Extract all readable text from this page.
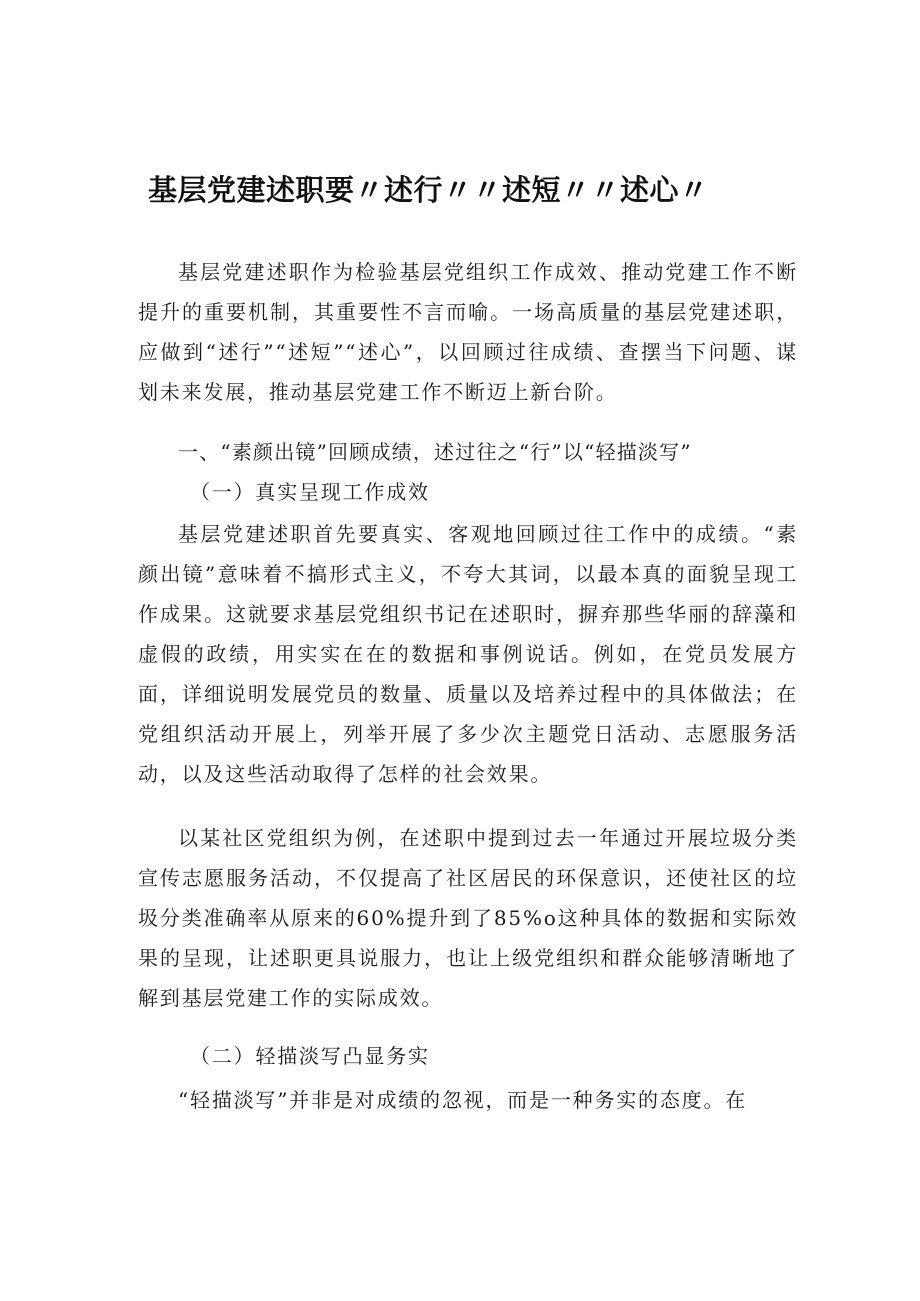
基层党建述职要〃述行〃〃述短〃〃述心〃

基层党建述职作为检验基层党组织工作成效、推动党建工作不断提升的重要机制，其重要性不言而喻。一场高质量的基层党建述职，应做到“述行”“述短”“述心”，以回顾过往成绩、查摆当下问题、谋划未来发展，推动基层党建工作不断迈上新台阶。

一、“素颜出镜”回顾成绩，述过往之“行”以“轻描淡写”

（一）真实呈现工作成效

基层党建述职首先要真实、客观地回顾过往工作中的成绩。“素颜出镜”意味着不搞形式主义，不夸大其词，以最本真的面貌呈现工作成果。这就要求基层党组织书记在述职时，摒弃那些华丽的辞藻和虚假的政绩，用实实在在的数据和事例说话。例如，在党员发展方面，详细说明发展党员的数量、质量以及培养过程中的具体做法；在党组织活动开展上，列举开展了多少次主题党日活动、志愿服务活动，以及这些活动取得了怎样的社会效果。

以某社区党组织为例，在述职中提到过去一年通过开展垃圾分类宣传志愿服务活动，不仅提高了社区居民的环保意识，还使社区的垃圾分类准确率从原来的60%提升到了85%o这种具体的数据和实际效果的呈现，让述职更具说服力，也让上级党组织和群众能够清晰地了解到基层党建工作的实际成效。

（二）轻描淡写凸显务实

“轻描淡写”并非是对成绩的忽视，而是一种务实的态度。在
